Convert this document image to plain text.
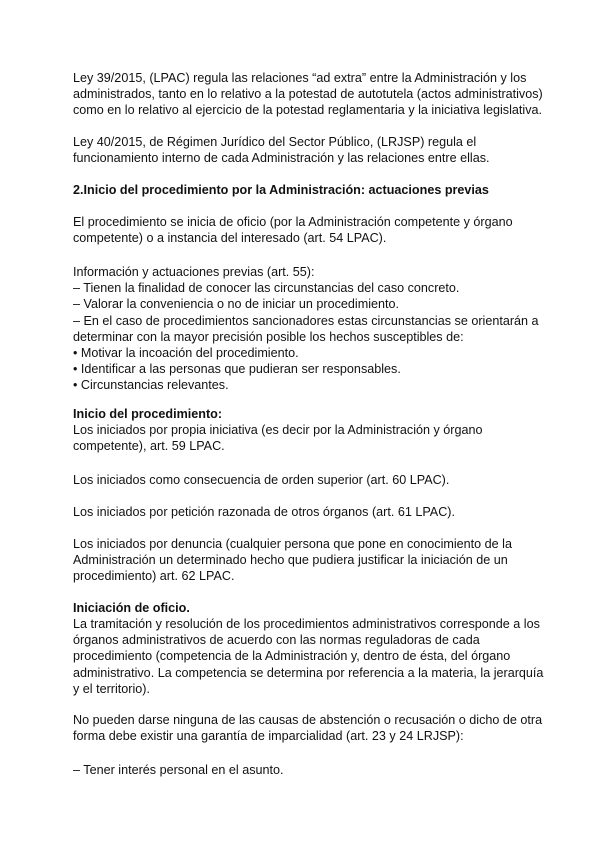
Ley 39/2015, (LPAC) regula las relaciones “ad extra” entre la Administración y los
administrados, tanto en lo relativo a la potestad de autotutela (actos administrativos)
como en lo relativo al ejercicio de la potestad reglamentaria y la iniciativa legislativa.
Ley 40/2015, de Régimen Jurídico del Sector Público, (LRJSP) regula el
funcionamiento interno de cada Administración y las relaciones entre ellas.
2.Inicio del procedimiento por la Administración: actuaciones previas
El procedimiento se inicia de oficio (por la Administración competente y órgano
competente) o a instancia del interesado (art. 54 LPAC).
Información y actuaciones previas (art. 55):
– Tienen la finalidad de conocer las circunstancias del caso concreto.
– Valorar la conveniencia o no de iniciar un procedimiento.
– En el caso de procedimientos sancionadores estas circunstancias se orientarán a
determinar con la mayor precisión posible los hechos susceptibles de:
• Motivar la incoación del procedimiento.
• Identificar a las personas que pudieran ser responsables.
• Circunstancias relevantes.
Inicio del procedimiento:
Los iniciados por propia iniciativa (es decir por la Administración y órgano
competente), art. 59 LPAC.
Los iniciados como consecuencia de orden superior (art. 60 LPAC).
Los iniciados por petición razonada de otros órganos (art. 61 LPAC).
Los iniciados por denuncia (cualquier persona que pone en conocimiento de la
Administración un determinado hecho que pudiera justificar la iniciación de un
procedimiento) art. 62 LPAC.
Iniciación de oficio.
La tramitación y resolución de los procedimientos administrativos corresponde a los
órganos administrativos de acuerdo con las normas reguladoras de cada
procedimiento (competencia de la Administración y, dentro de ésta, del órgano
administrativo. La competencia se determina por referencia a la materia, la jerarquía
y el territorio).
No pueden darse ninguna de las causas de abstención o recusación o dicho de otra
forma debe existir una garantía de imparcialidad (art. 23 y 24 LRJSP):
– Tener interés personal en el asunto.
